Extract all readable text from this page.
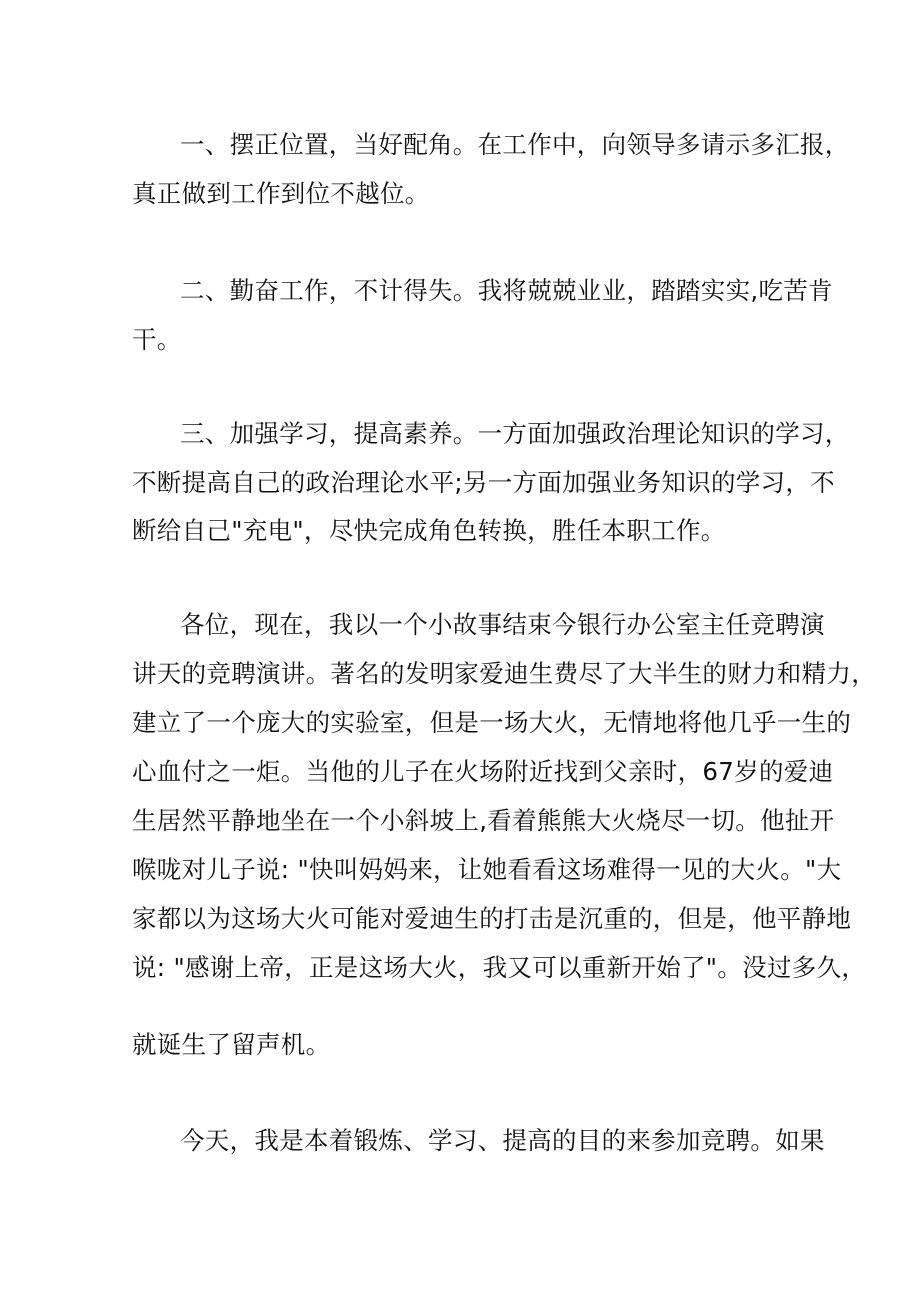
一、摆正位置，当好配角。在工作中，向领导多请示多汇报，
真正做到工作到位不越位。
二、勤奋工作，不计得失。我将兢兢业业，踏踏实实,吃苦肯
干。
三、加强学习，提高素养。一方面加强政治理论知识的学习，
不断提高自己的政治理论水平;另一方面加强业务知识的学习，不
断给自己"充电"，尽快完成角色转换，胜任本职工作。
各位，现在，我以一个小故事结束今银行办公室主任竞聘演
讲天的竞聘演讲。著名的发明家爱迪生费尽了大半生的财力和精力，
建立了一个庞大的实验室，但是一场大火，无情地将他几乎一生的
心血付之一炬。当他的儿子在火场附近找到父亲时，67岁的爱迪
生居然平静地坐在一个小斜坡上,看着熊熊大火烧尽一切。他扯开
喉咙对儿子说: "快叫妈妈来，让她看看这场难得一见的大火。"大
家都以为这场大火可能对爱迪生的打击是沉重的，但是，他平静地
说: "感谢上帝，正是这场大火，我又可以重新开始了"。没过多久，
就诞生了留声机。
今天，我是本着锻炼、学习、提高的目的来参加竞聘。如果
